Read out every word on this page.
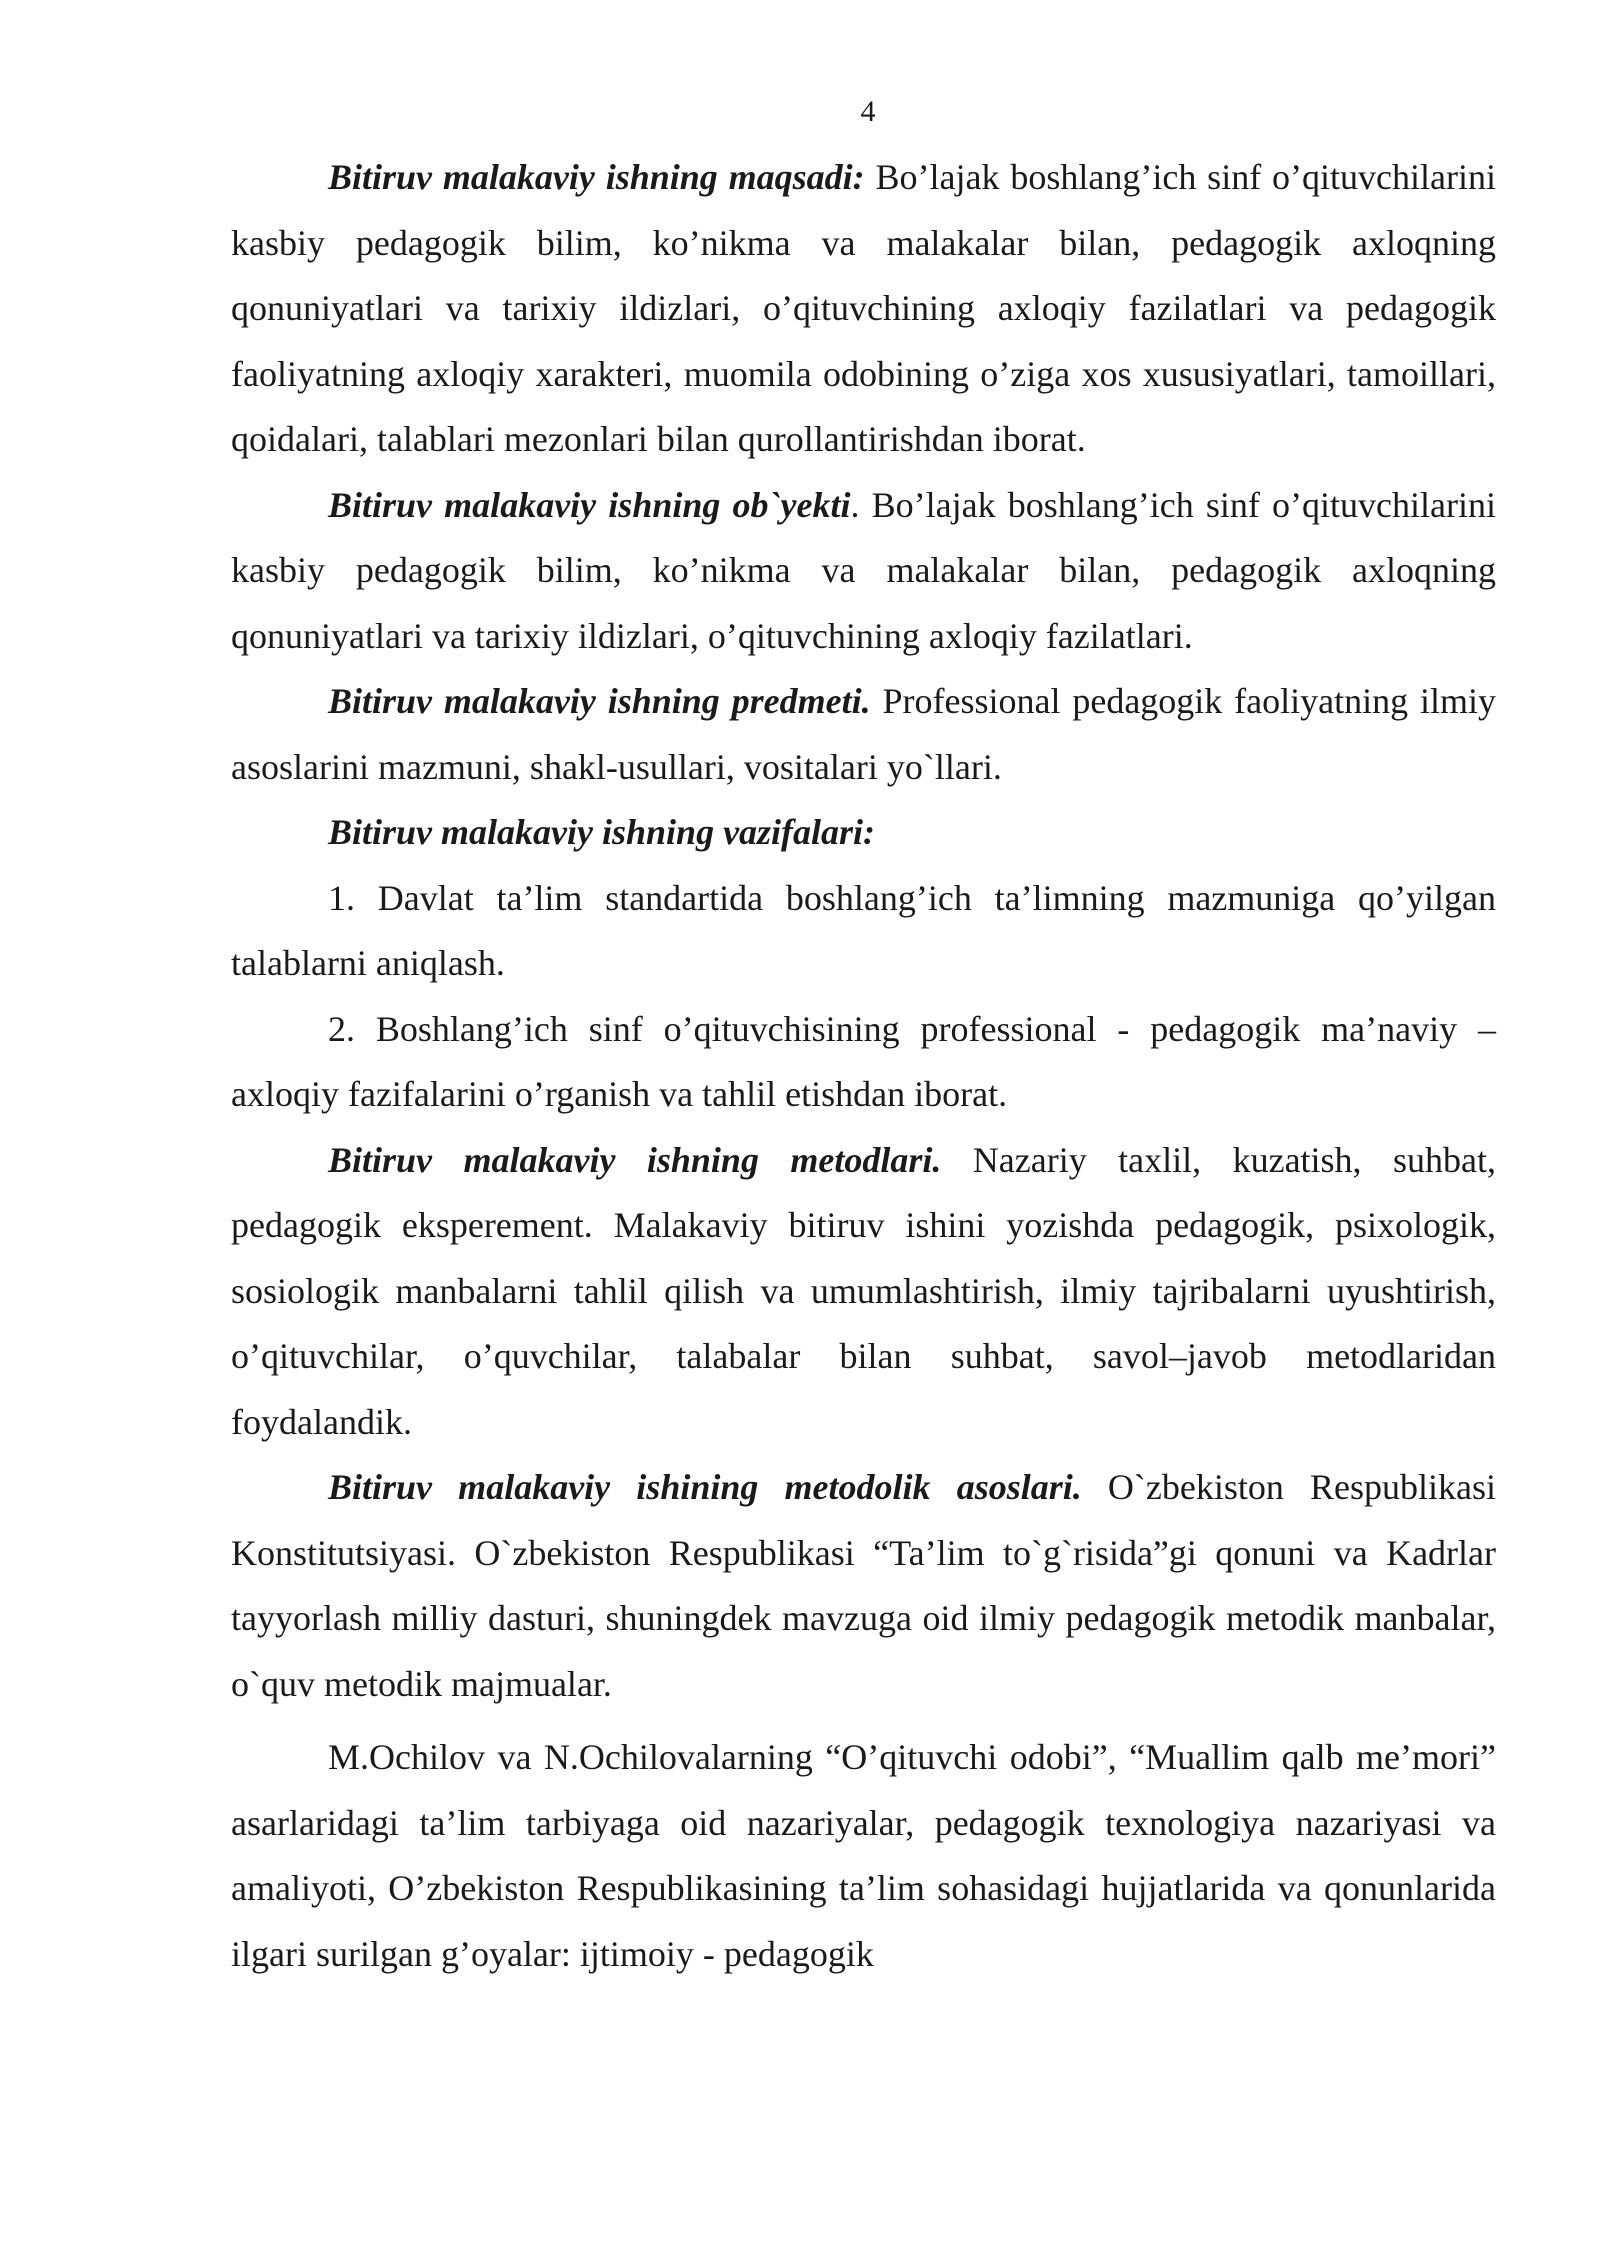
4

Bitiruv malakaviy ishning maqsadi: Bo’lajak boshlang’ich sinf o’qituvchilarini kasbiy pedagogik bilim, ko’nikma va malakalar bilan, pedagogik axloqning qonuniyatlari va tarixiy ildizlari, o’qituvchining axloqiy fazilatlari va pedagogik faoliyatning axloqiy xarakteri, muomila odobining o’ziga xos xususiyatlari, tamoillari, qoidalari, talablari mezonlari bilan qurollantirishdan iborat.

Bitiruv malakaviy ishning ob`yekti. Bo’lajak boshlang’ich sinf o’qituvchilarini kasbiy pedagogik bilim, ko’nikma va malakalar bilan, pedagogik axloqning qonuniyatlari va tarixiy ildizlari, o’qituvchining axloqiy fazilatlari.

Bitiruv malakaviy ishning predmeti. Professional pedagogik faoliyatning ilmiy asoslarini mazmuni, shakl-usullari, vositalari yo`llari.

Bitiruv malakaviy ishning vazifalari:

1. Davlat ta’lim standartida boshlang’ich ta’limning mazmuniga qo’yilgan talablarni aniqlash.

2. Boshlang’ich sinf o’qituvchisining professional - pedagogik ma’naviy – axloqiy fazifalarini o’rganish va tahlil etishdan iborat.

Bitiruv malakaviy ishning metodlari. Nazariy taxlil, kuzatish, suhbat, pedagogik eksperement. Malakaviy bitiruv ishini yozishda pedagogik, psixologik, sosiologik manbalarni tahlil qilish va umumlashtirish, ilmiy tajribalarni uyushtirish, o’qituvchilar, o’quvchilar, talabalar bilan suhbat, savol–javob metodlaridan foydalandik.

Bitiruv malakaviy ishining metodolik asoslari. O`zbekiston Respublikasi Konstitutsiyasi. O`zbekiston Respublikasi “Ta’lim to`g`risida”gi qonuni va Kadrlar tayyorlash milliy dasturi, shuningdek mavzuga oid ilmiy pedagogik metodik manbalar, o`quv metodik majmualar.

M.Ochilov va N.Ochilovalarning “O’qituvchi odobi”, “Muallim qalb me’mori” asarlaridagi ta’lim tarbiyaga oid nazariyalar, pedagogik texnologiya nazariyasi va amaliyoti, O’zbekiston Respublikasining ta’lim sohasidagi hujjatlarida va qonunlarida ilgari surilgan g’oyalar: ijtimoiy - pedagogik
